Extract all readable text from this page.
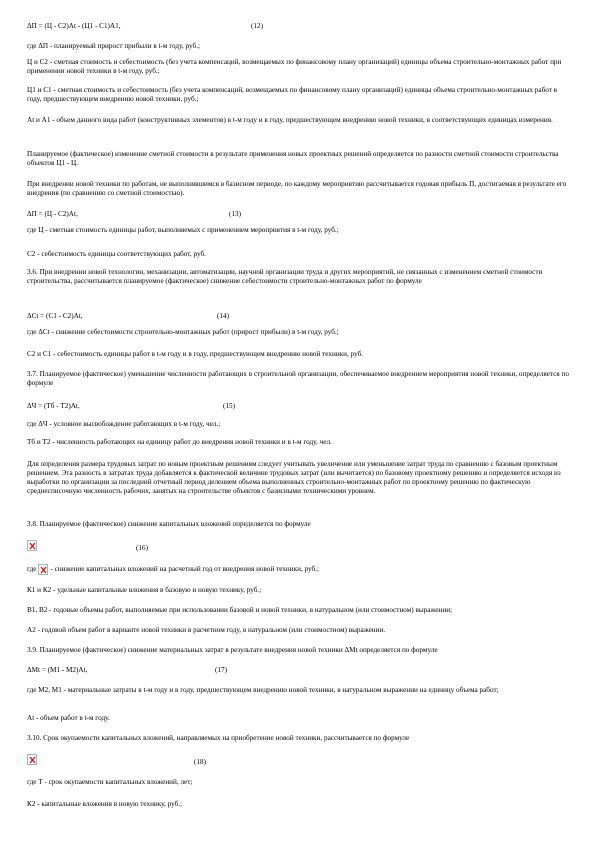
ΔП = (Ц - С2)Аt - (Ц1 - С1)А1,	(12)

где ΔП - планируемый прирост прибыли в t-м году, руб.;

Ц и С2 - сметная стоимость и себестоимость (без учета компенсаций, возмещаемых по финансовому плану организаций) единицы объема строительно-монтажных работ при применении новой техники в t-м году, руб.;

Ц1 и С1 - сметная стоимость и себестоимость (без учета компенсаций, возмещаемых по финансовому плану организаций) единицы объема строительно-монтажных работ в году, предшествующем внедрению новой техники, руб.;

Аt и А1 - объем данного вида работ (конструктивных элементов) в t-м году и в году, предшествующем внедрению новой техники, в соответствующих единицах измерения.

Планируемое (фактическое) изменение сметной стоимости в результате применения новых проектных решений определяется по разности сметной стоимости строительства объектов Ц1 - Ц.

При внедрении новой техники по работам, не выполнявшимся в базисном периоде, по каждому мероприятию рассчитывается годовая прибыль П, достигаемая в результате его внедрения (по сравнению со сметной стоимостью).

ΔП = (Ц - С2)Аt,	(13)

где Ц - сметная стоимость единицы работ, выполняемых с применением мероприятия в t-м году, руб.;

С2 - себестоимость единицы соответствующих работ, руб.

3.6. При внедрении новой технологии, механизации, автоматизации, научной организации труда и других мероприятий, не связанных с изменением сметной стоимости строительства, рассчитывается планируемое (фактическое) снижение себестоимости строительно-монтажных работ по формуле

ΔСt = (С1 - С2)Аt,	(14)

где ΔСt - снижение себестоимости строительно-монтажных работ (прирост прибыли) в t-м году, руб.;

С2 и С1 - себестоимость единицы работ в t-м году и в году, предшествующем внедрению новой техники, руб.

3.7. Планируемое (фактическое) уменьшение численности работающих в строительной организации, обеспечиваемое внедрением мероприятия новой техники, определяется по формуле

ΔЧ = (Тб - Т2)Аt,	(15)

где ΔЧ - условное высвобождение работающих в t-м году, чел.;

Тб и Т2 - численность работающих на единицу работ до внедрения новой техники и в t-м году, чел.

Для определения размера трудовых затрат по новым проектным решениям следует учитывать увеличение или уменьшение затрат труда по сравнению с базовым проектным решением. Эта разность в затратах труда добавляется к фактической величине трудовых затрат (или вычитается) по базовому проектному решению и определяется исходя из выработки по организации за последний отчетный период делением объема выполненных строительно-монтажных работ по проектному решению по фактическую среднесписочную численность рабочих, занятых на строительстве объектов с базисными техническими уровнем.

3.8. Планируемое (фактическое) снижение капитальных вложений определяется по формуле

(16)

где - снижение капитальных вложений на расчетный год от внедрения новой техники, руб.;

К1 и К2 - удельные капитальные вложения в базовую и новую технику, руб.;

В1, В2 - годовые объемы работ, выполняемые при использовании базовой и новой техники, в натуральном (или стоимостном) выражении;

А2 - годовой объем работ в варианте новой техники в расчетном году, в натуральном (или стоимостном) выражении.

3.9. Планируемое (фактическое) снижение материальных затрат в результате внедрения новой техники ΔМt определяется по формуле

ΔМt = (М1 - М2)Аt,	(17)

где М2, М1 - материальные затраты в t-м году и в году, предшествующем внедрению новой техники, в натуральном выражении на единицу объема работ;

Аt - объем работ в t-м году.

3.10. Срок окупаемости капитальных вложений, направляемых на приобретение новой техники, рассчитывается по формуле

(18)

где Т - срок окупаемости капитальных вложений, лет;

К2 - капитальные вложения в новую технику, руб.;
